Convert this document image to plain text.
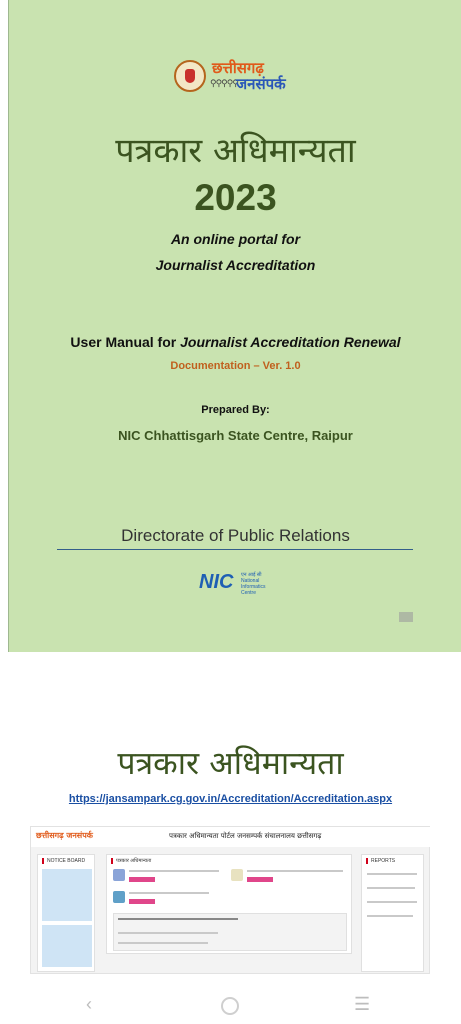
छत्तीसगढ़
⚲⚲⚲⚲⚲
जनसंपर्क
पत्रकार अधिमान्यता
2023
An online portal for
Journalist Accreditation
User Manual for Journalist Accreditation Renewal
Documentation – Ver. 1.0
Prepared By:
NIC Chhattisgarh State Centre, Raipur
Directorate of Public Relations
NIC एन आई सी National Informatics Centre
पत्रकार अधिमान्यता
https://jansampark.cg.gov.in/Accreditation/Accreditation.aspx
छत्तीसगढ़ जनसंपर्क	पत्रकार अधिमान्यता पोर्टल जनसम्पर्क संचालनालय छत्तीसगढ़
NOTICE BOARD	पत्रकार अधिमान्यता	REPORTS
‹	☰
